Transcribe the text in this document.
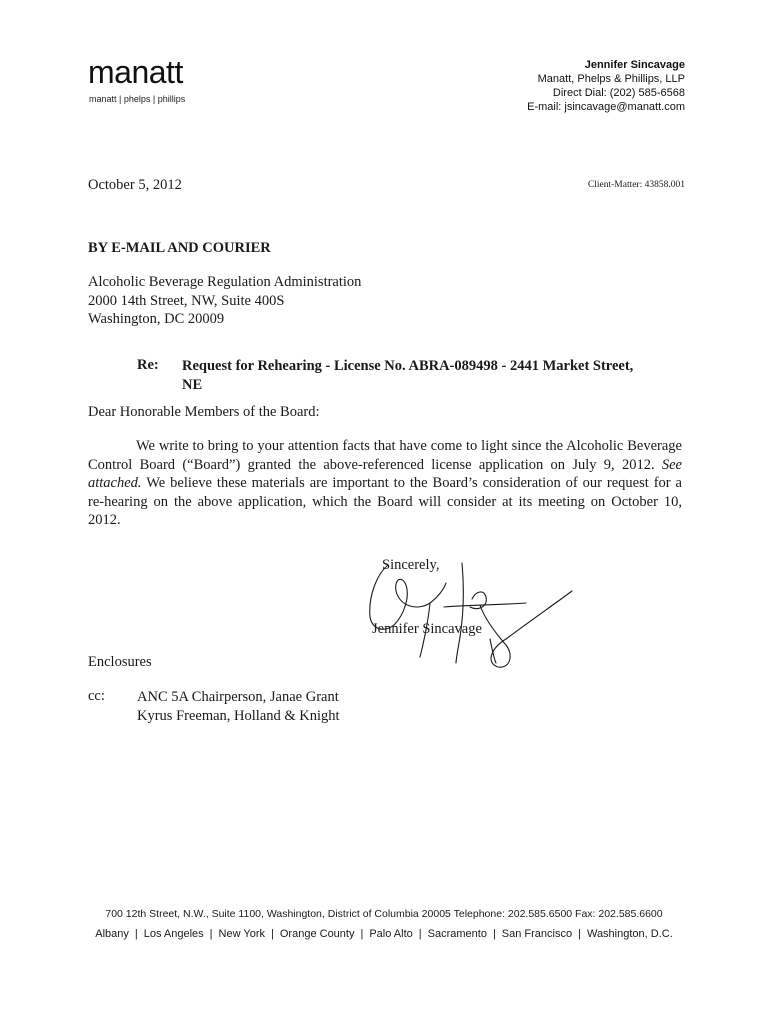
manatt
manatt | phelps | phillips
Jennifer Sincavage
Manatt, Phelps & Phillips, LLP
Direct Dial: (202) 585-6568
E-mail: jsincavage@manatt.com
October 5, 2012	Client-Matter: 43858.001
BY E-MAIL AND COURIER
Alcoholic Beverage Regulation Administration
2000 14th Street, NW, Suite 400S
Washington, DC 20009
Re: Request for Rehearing - License No. ABRA-089498 - 2441 Market Street,
NE
Dear Honorable Members of the Board:
We write to bring to your attention facts that have come to light since the Alcoholic Beverage Control Board (“Board”) granted the above-referenced license application on July 9, 2012. See attached. We believe these materials are important to the Board’s consideration of our request for a re-hearing on the above application, which the Board will consider at its meeting on October 10, 2012.
Sincerely,
Jennifer Sincavage
Enclosures
cc: ANC 5A Chairperson, Janae Grant
Kyrus Freeman, Holland & Knight
700 12th Street, N.W., Suite 1100, Washington, District of Columbia 20005 Telephone: 202.585.6500 Fax: 202.585.6600
Albany | Los Angeles | New York | Orange County | Palo Alto | Sacramento | San Francisco | Washington, D.C.
